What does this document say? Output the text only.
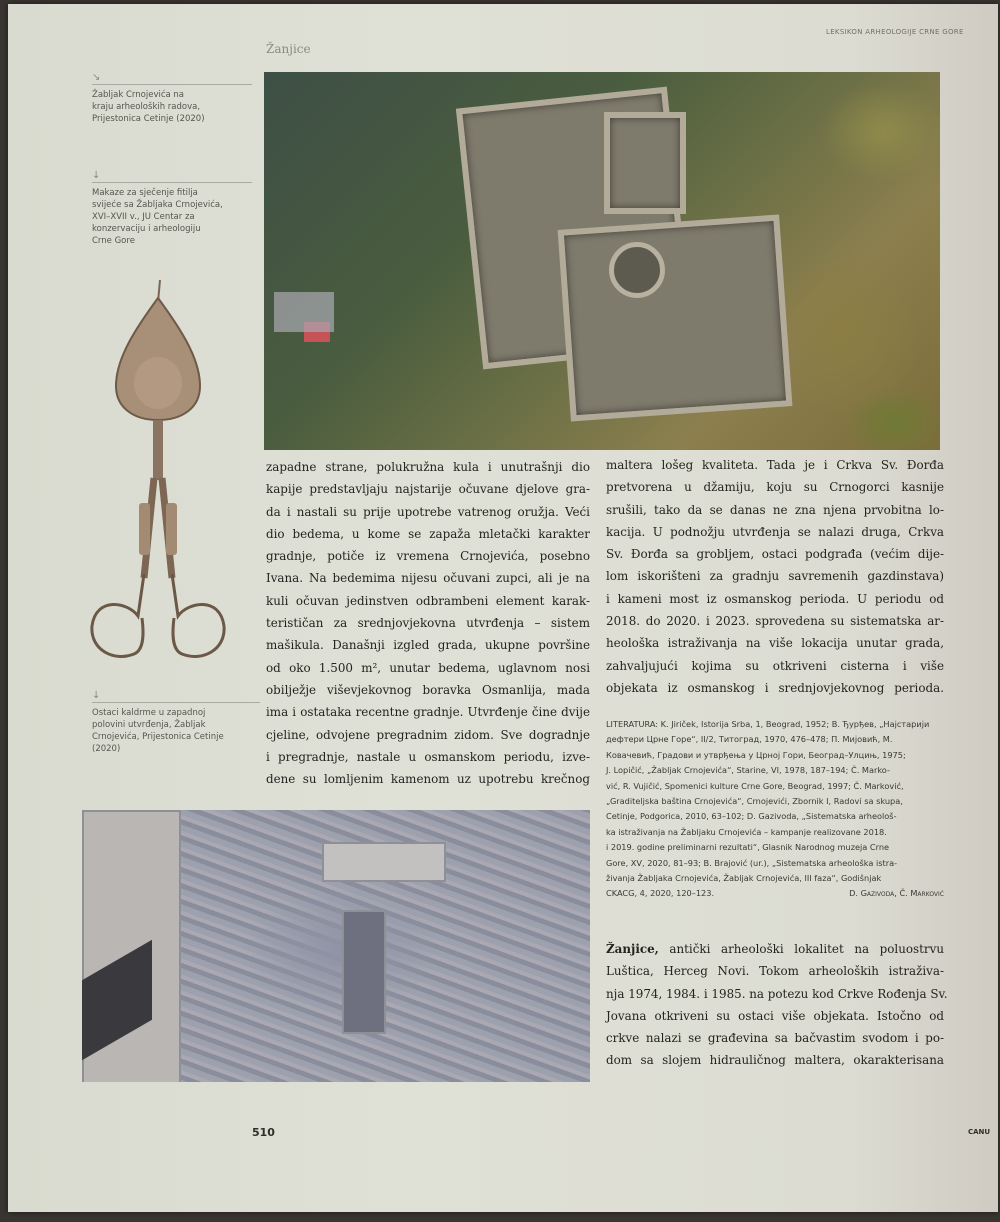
Žanjice
LEKSIKON ARHEOLOGIJE CRNE GORE
↘
Žabljak Crnojevića na
kraju arheoloških radova,
Prijestonica Cetinje (2020)
↓
Makaze za sječenje fitilja
svijeće sa Žabljaka Crnojevića,
XVI–XVII v., JU Centar za
konzervaciju i arheologiju
Crne Gore
↓
Ostaci kaldrme u zapadnoj
polovini utvrđenja, Žabljak
Crnojevića, Prijestonica Cetinje
(2020)
zapadne strane, polukružna kula i unutrašnji dio
kapije predstavljaju najstarije očuvane djelove gra-
da i nastali su prije upotrebe vatrenog oružja. Veći
dio bedema, u kome se zapaža mletački karakter
gradnje, potiče iz vremena Crnojevića, posebno
Ivana. Na bedemima nijesu očuvani zupci, ali je na
kuli očuvan jedinstven odbrambeni element karak-
terističan za srednjovjekovna utvrđenja – sistem
mašikula. Današnji izgled grada, ukupne površine
od oko 1.500 m², unutar bedema, uglavnom nosi
obilježje viševjekovnog boravka Osmanlija, mada
ima i ostataka recentne gradnje. Utvrđenje čine dvije
cjeline, odvojene pregradnim zidom. Sve dogradnje
i pregradnje, nastale u osmanskom periodu, izve-
dene su lomljenim kamenom uz upotrebu krečnog
maltera lošeg kvaliteta. Tada je i Crkva Sv. Đorđa
pretvorena u džamiju, koju su Crnogorci kasnije
srušili, tako da se danas ne zna njena prvobitna lo-
kacija. U podnožju utvrđenja se nalazi druga, Crkva
Sv. Đorđa sa grobljem, ostaci podgrađa (većim dije-
lom iskorišteni za gradnju savremenih gazdinstava)
i kameni most iz osmanskog perioda. U periodu od
2018. do 2020. i 2023. sprovedena su sistematska ar-
heološka istraživanja na više lokacija unutar grada,
zahvaljujući kojima su otkriveni cisterna i više
objekata iz osmanskog i srednjovjekovnog perioda.
LITERATURA: K. Jiriček, Istorija Srba, 1, Beograd, 1952; В. Ђурђев, „Најстарији
дефтери Црне Горе“, II/2, Титоград, 1970, 476–478; П. Мијовић, М.
Ковачевић, Градови и утврђења у Црној Гори, Београд–Улцињ, 1975;
J. Lopičić, „Žabljak Crnojevića“, Starine, VI, 1978, 187–194; Č. Marko-
vić, R. Vujičić, Spomenici kulture Crne Gore, Beograd, 1997; Č. Marković,
„Graditeljska baština Crnojevića“, Crnojevići, Zbornik I, Radovi sa skupa,
Cetinje, Podgorica, 2010, 63–102; D. Gazivoda, „Sistematska arheološ-
ka istraživanja na Žabljaku Crnojevića – kampanje realizovane 2018.
i 2019. godine preliminarni rezultati“, Glasnik Narodnog muzeja Crne
Gore, XV, 2020, 81–93; B. Brajović (ur.), „Sistematska arheološka istra-
živanja Žabljaka Crnojevića, Žabljak Crnojevića, III faza“, Godišnjak
CKACG, 4, 2020, 120–123.	D. Gazivoda, Č. Marković
Žanjice, antički arheološki lokalitet na poluostrvu
Luštica, Herceg Novi. Tokom arheoloških istraživa-
nja 1974, 1984. i 1985. na potezu kod Crkve Rođenja Sv.
Jovana otkriveni su ostaci više objekata. Istočno od
crkve nalazi se građevina sa bačvastim svodom i po-
dom sa slojem hidrauličnog maltera, okarakterisana
510	CANU
